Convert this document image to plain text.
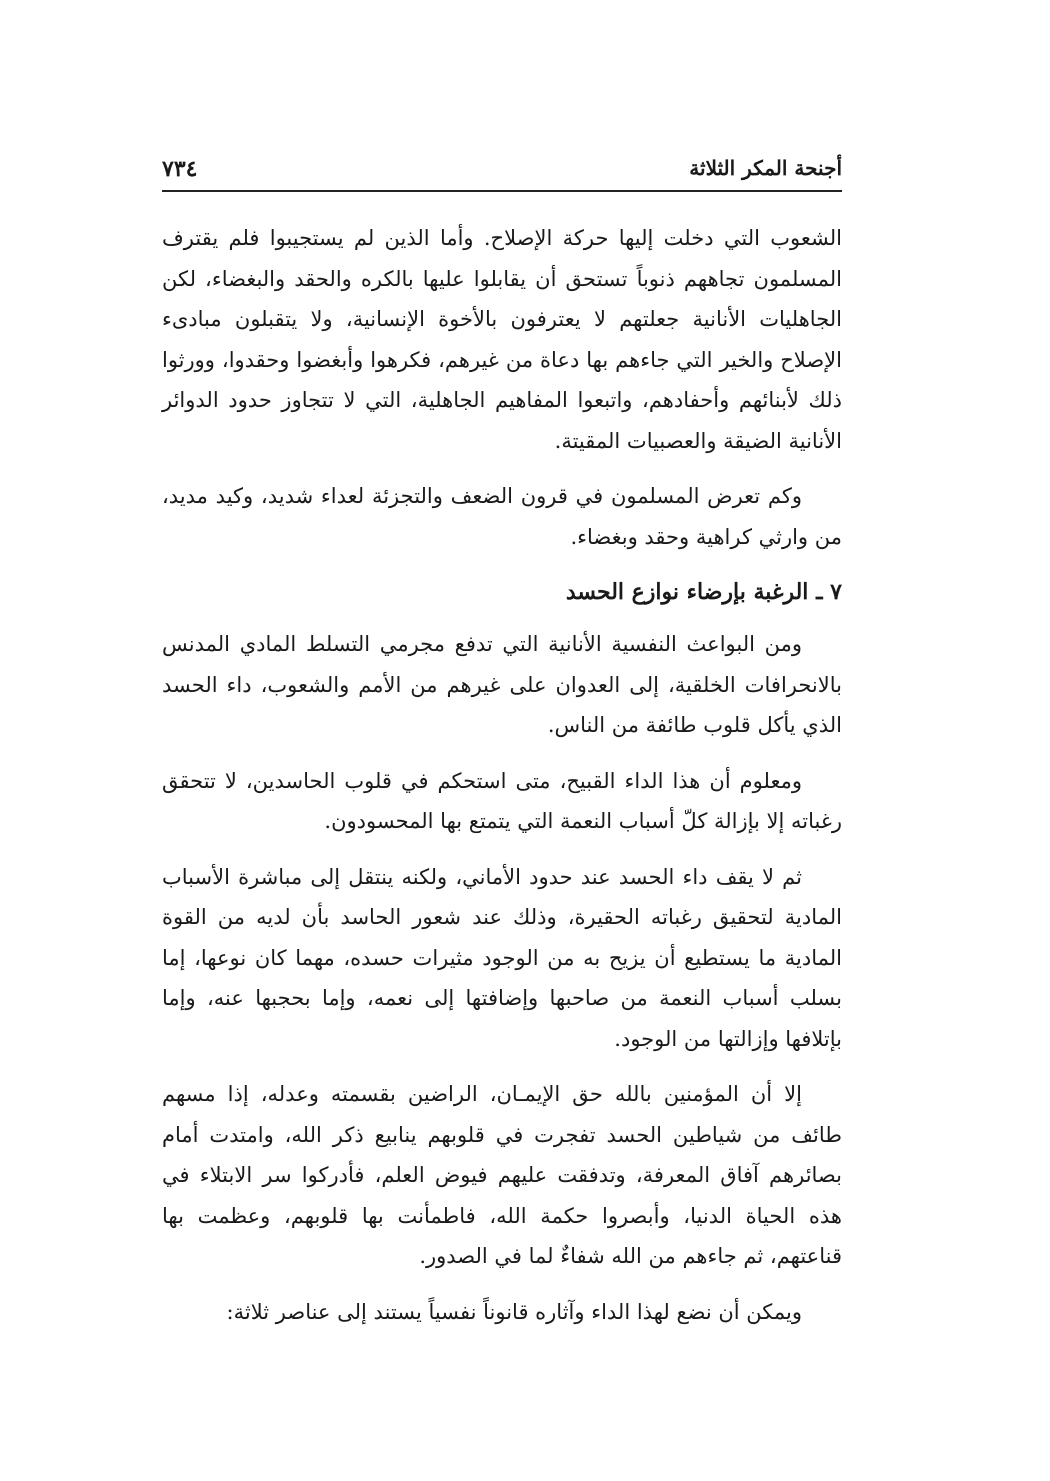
أجنحة المكر الثلاثة
٧٣٤

الشعوب التي دخلت إليها حركة الإصلاح. وأما الذين لم يستجيبوا فلم يقترف المسلمون تجاههم ذنوباً تستحق أن يقابلوا عليها بالكره والحقد والبغضاء، لكن الجاهليات الأنانية جعلتهم لا يعترفون بالأخوة الإنسانية، ولا يتقبلون مبادىء الإصلاح والخير التي جاءهم بها دعاة من غيرهم، فكرهوا وأبغضوا وحقدوا، وورثوا ذلك لأبنائهم وأحفادهم، واتبعوا المفاهيم الجاهلية، التي لا تتجاوز حدود الدوائر الأنانية الضيقة والعصبيات المقيتة.

وكم تعرض المسلمون في قرون الضعف والتجزئة لعداء شديد، وكيد مديد، من وارثي كراهية وحقد وبغضاء.

٧ ـ الرغبة بإرضاء نوازع الحسد

ومن البواعث النفسية الأنانية التي تدفع مجرمي التسلط المادي المدنس بالانحرافات الخلقية، إلى العدوان على غيرهم من الأمم والشعوب، داء الحسد الذي يأكل قلوب طائفة من الناس.

ومعلوم أن هذا الداء القبيح، متى استحكم في قلوب الحاسدين، لا تتحقق رغباته إلا بإزالة كلّ أسباب النعمة التي يتمتع بها المحسودون.

ثم لا يقف داء الحسد عند حدود الأماني، ولكنه ينتقل إلى مباشرة الأسباب المادية لتحقيق رغباته الحقيرة، وذلك عند شعور الحاسد بأن لديه من القوة المادية ما يستطيع أن يزيح به من الوجود مثيرات حسده، مهما كان نوعها، إما بسلب أسباب النعمة من صاحبها وإضافتها إلى نعمه، وإما بحجبها عنه، وإما بإتلافها وإزالتها من الوجود.

إلا أن المؤمنين بالله حق الإيمـان، الراضين بقسمته وعدله، إذا مسهم طائف من شياطين الحسد تفجرت في قلوبهم ينابيع ذكر الله، وامتدت أمام بصائرهم آفاق المعرفة، وتدفقت عليهم فيوض العلم، فأدركوا سر الابتلاء في هذه الحياة الدنيا، وأبصروا حكمة الله، فاطمأنت بها قلوبهم، وعظمت بها قناعتهم، ثم جاءهم من الله شفاءٌ لما في الصدور.

ويمكن أن نضع لهذا الداء وآثاره قانوناً نفسياً يستند إلى عناصر ثلاثة:
